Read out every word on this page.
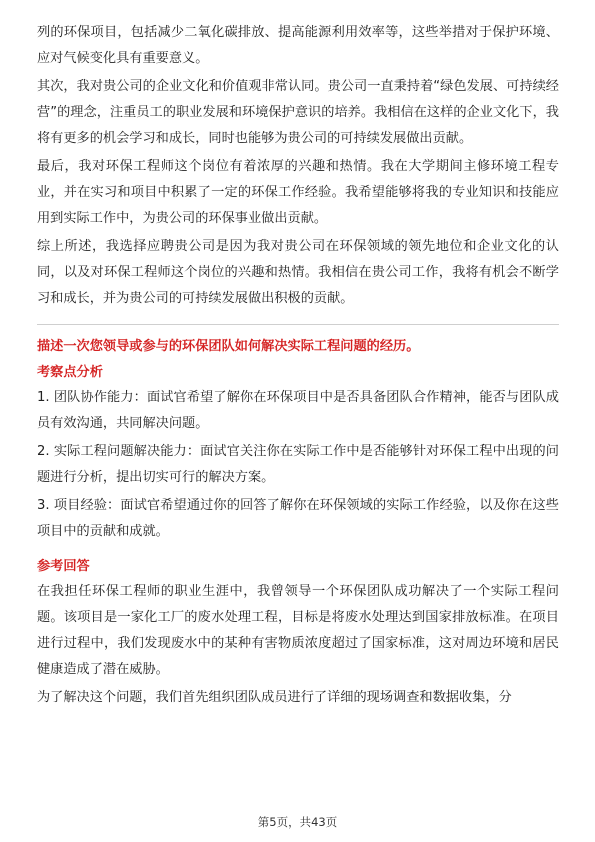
列的环保项目，包括减少二氧化碳排放、提高能源利用效率等，这些举措对于保护环境、应对气候变化具有重要意义。

其次，我对贵公司的企业文化和价值观非常认同。贵公司一直秉持着“绿色发展、可持续经营”的理念，注重员工的职业发展和环境保护意识的培养。我相信在这样的企业文化下，我将有更多的机会学习和成长，同时也能够为贵公司的可持续发展做出贡献。

最后，我对环保工程师这个岗位有着浓厚的兴趣和热情。我在大学期间主修环境工程专业，并在实习和项目中积累了一定的环保工作经验。我希望能够将我的专业知识和技能应用到实际工作中，为贵公司的环保事业做出贡献。

综上所述，我选择应聘贵公司是因为我对贵公司在环保领域的领先地位和企业文化的认同，以及对环保工程师这个岗位的兴趣和热情。我相信在贵公司工作，我将有机会不断学习和成长，并为贵公司的可持续发展做出积极的贡献。

描述一次您领导或参与的环保团队如何解决实际工程问题的经历。
考察点分析

1. 团队协作能力：面试官希望了解你在环保项目中是否具备团队合作精神，能否与团队成员有效沟通，共同解决问题。

2. 实际工程问题解决能力：面试官关注你在实际工作中是否能够针对环保工程中出现的问题进行分析，提出切实可行的解决方案。

3. 项目经验：面试官希望通过你的回答了解你在环保领域的实际工作经验，以及你在这些项目中的贡献和成就。

参考回答

在我担任环保工程师的职业生涯中，我曾领导一个环保团队成功解决了一个实际工程问题。该项目是一家化工厂的废水处理工程，目标是将废水处理达到国家排放标准。在项目进行过程中，我们发现废水中的某种有害物质浓度超过了国家标准，这对周边环境和居民健康造成了潜在威胁。

为了解决这个问题，我们首先组织团队成员进行了详细的现场调查和数据收集，分

第5页，共43页
